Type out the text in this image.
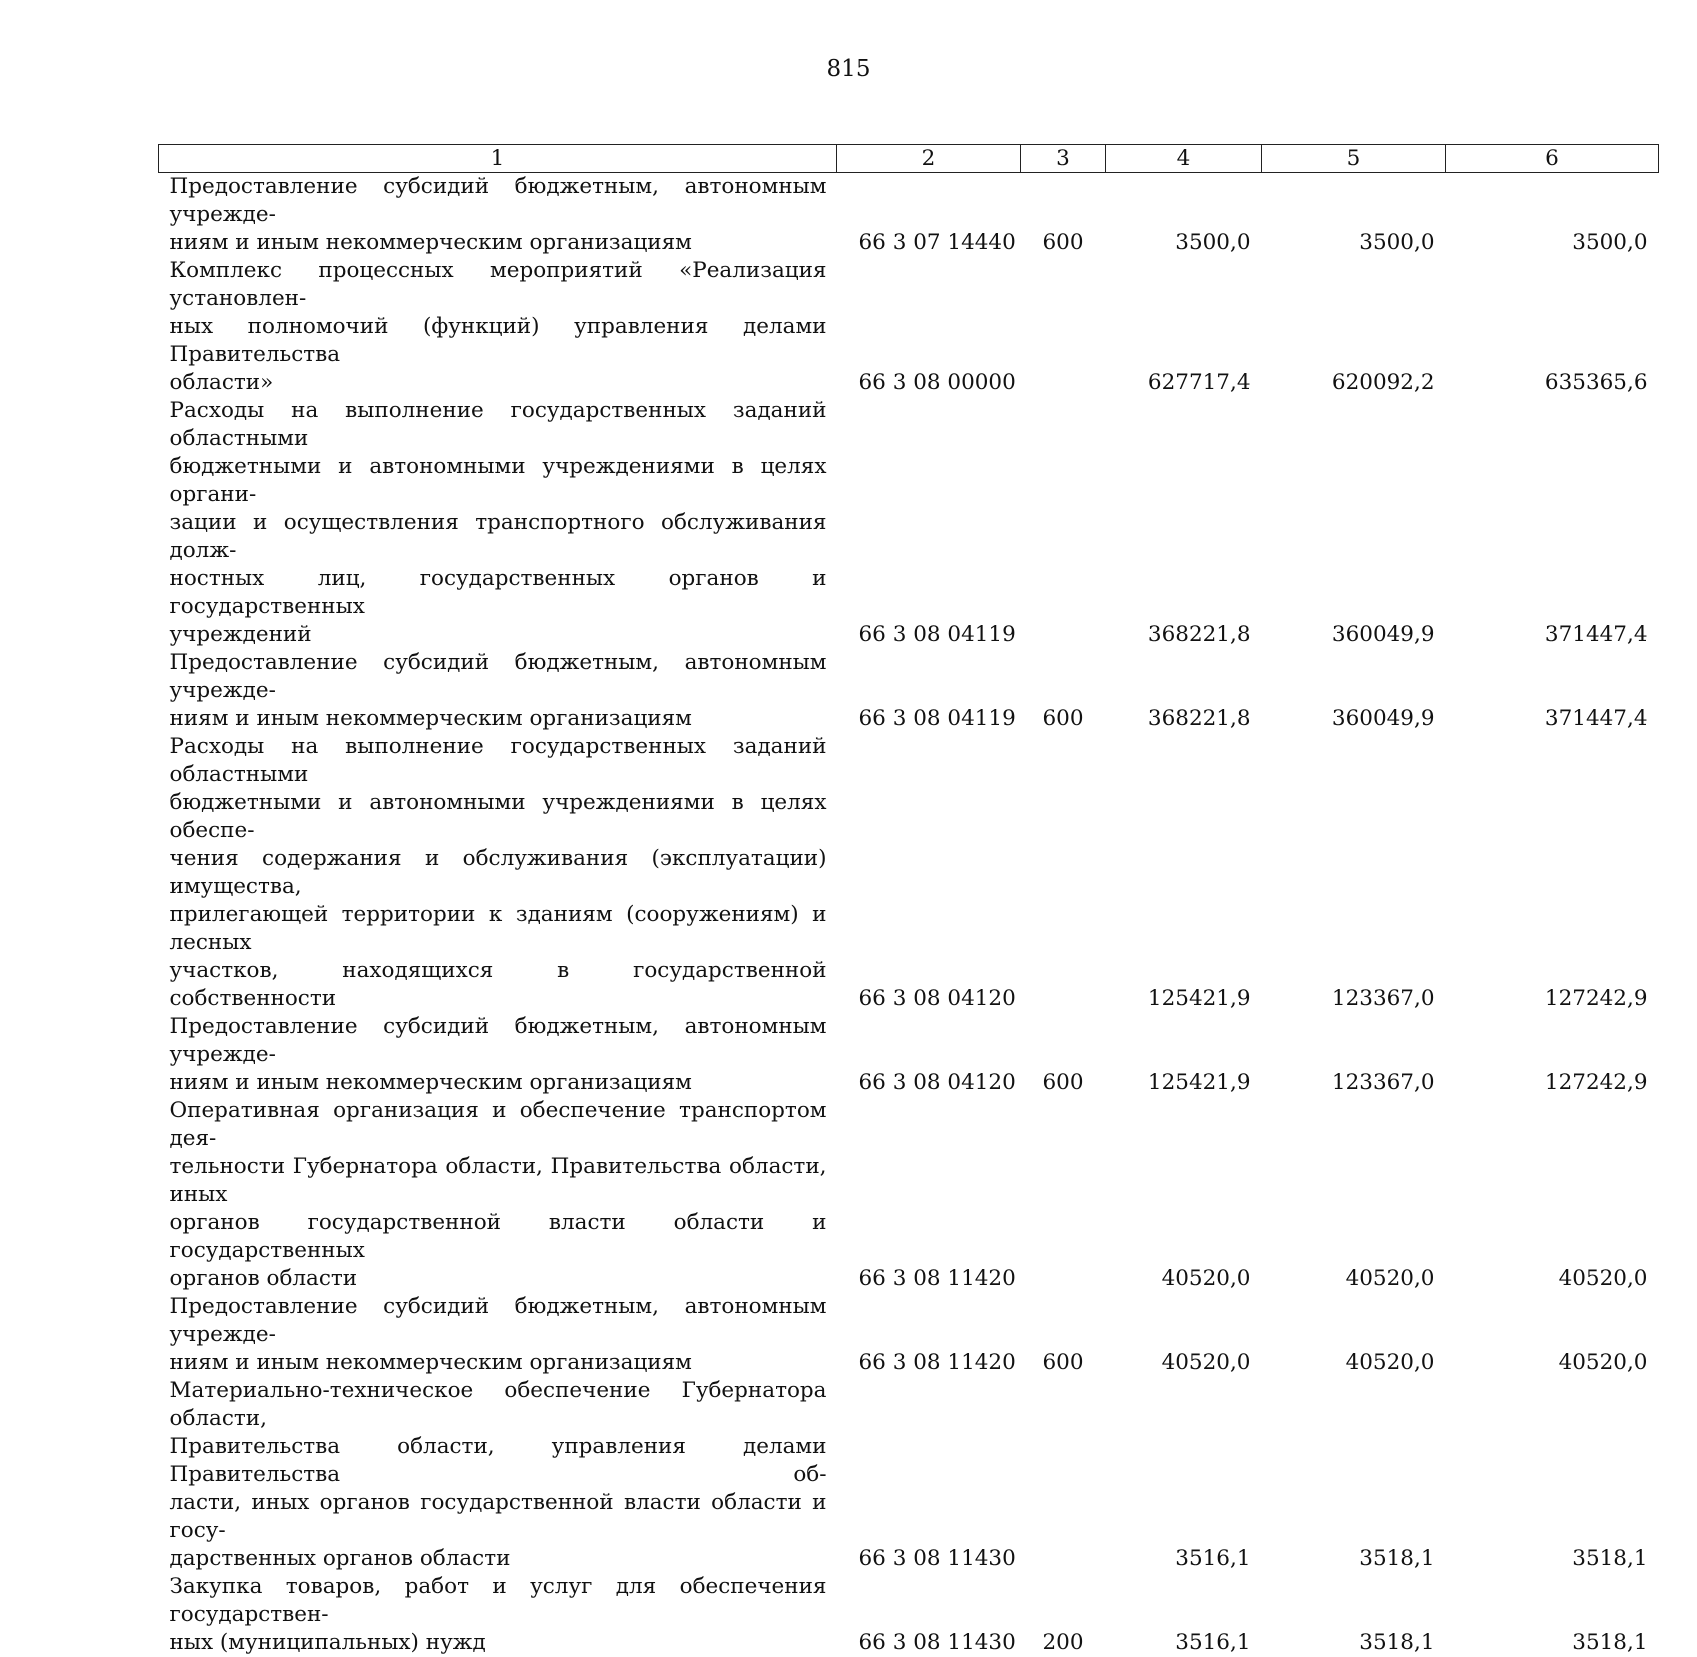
815
1	2	3	4	5	6

Предоставление субсидий бюджетным, автономным учрежде-
ниям и иным некоммерческим организациям	66 3 07 14440	600	3500,0	3500,0	3500,0

Комплекс процессных мероприятий «Реализация установлен-
ных полномочий (функций) управления делами Правительства
области»	66 3 08 00000		627717,4	620092,2	635365,6

Расходы на выполнение государственных заданий областными
бюджетными и автономными учреждениями в целях органи-
зации и осуществления транспортного обслуживания долж-
ностных лиц, государственных органов и государственных
учреждений	66 3 08 04119		368221,8	360049,9	371447,4

Предоставление субсидий бюджетным, автономным учрежде-
ниям и иным некоммерческим организациям	66 3 08 04119	600	368221,8	360049,9	371447,4

Расходы на выполнение государственных заданий областными
бюджетными и автономными учреждениями в целях обеспе-
чения содержания и обслуживания (эксплуатации) имущества,
прилегающей территории к зданиям (сооружениям) и лесных
участков, находящихся в государственной собственности	66 3 08 04120		125421,9	123367,0	127242,9

Предоставление субсидий бюджетным, автономным учрежде-
ниям и иным некоммерческим организациям	66 3 08 04120	600	125421,9	123367,0	127242,9

Оперативная организация и обеспечение транспортом дея-
тельности Губернатора области, Правительства области, иных
органов государственной власти области и государственных
органов области	66 3 08 11420		40520,0	40520,0	40520,0

Предоставление субсидий бюджетным, автономным учрежде-
ниям и иным некоммерческим организациям	66 3 08 11420	600	40520,0	40520,0	40520,0

Материально-техническое обеспечение Губернатора области,
Правительства области, управления делами Правительства об-
ласти, иных органов государственной власти области и госу-
дарственных органов области	66 3 08 11430		3516,1	3518,1	3518,1

Закупка товаров, работ и услуг для обеспечения государствен-
ных (муниципальных) нужд	66 3 08 11430	200	3516,1	3518,1	3518,1
